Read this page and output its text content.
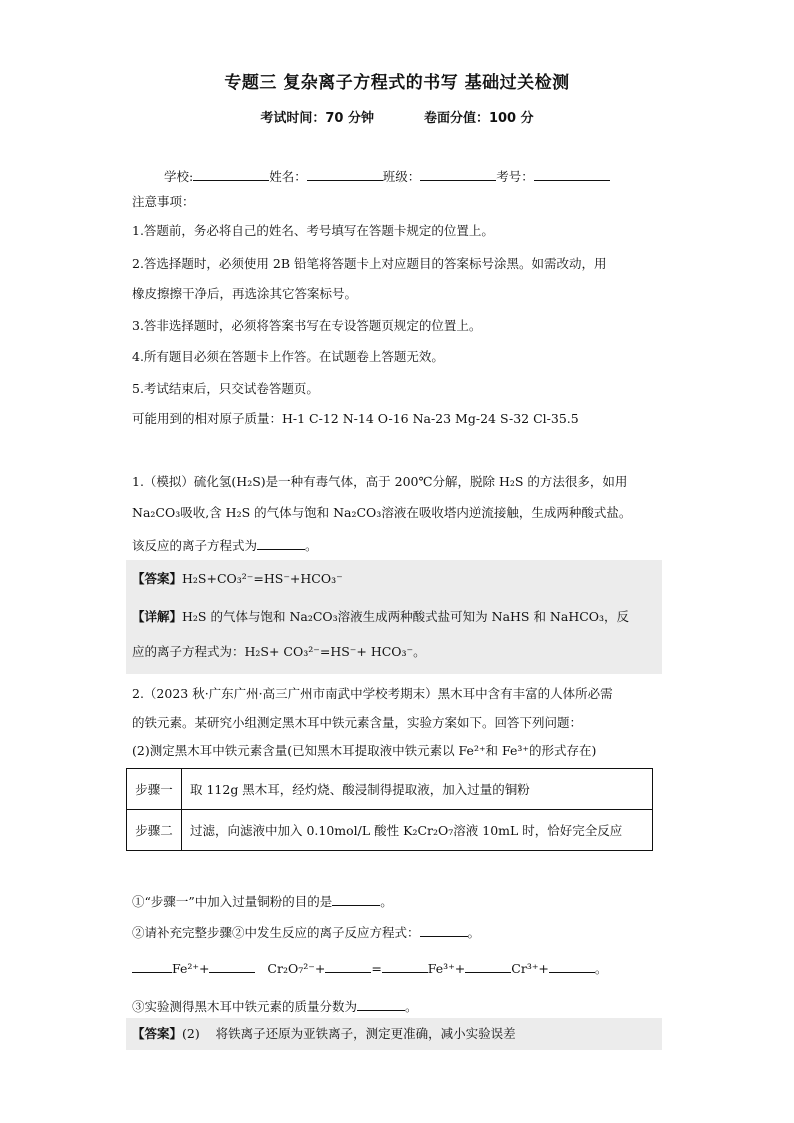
专题三 复杂离子方程式的书写 基础过关检测
考试时间：70 分钟	卷面分值：100 分
学校:	姓名：	班级：	考号：
注意事项：
1.答题前，务必将自己的姓名、考号填写在答题卡规定的位置上。
2.答选择题时，必须使用 2B 铅笔将答题卡上对应题目的答案标号涂黑。如需改动，用
橡皮擦擦干净后，再选涂其它答案标号。
3.答非选择题时，必须将答案书写在专设答题页规定的位置上。
4.所有题目必须在答题卡上作答。在试题卷上答题无效。
5.考试结束后，只交试卷答题页。
可能用到的相对原子质量：H-1 C-12 N-14 O-16 Na-23 Mg-24 S-32 Cl-35.5
1.（模拟）硫化氢(H₂S)是一种有毒气体，高于 200℃分解，脱除 H₂S 的方法很多，如用
Na₂CO₃吸收,含 H₂S 的气体与饱和 Na₂CO₃溶液在吸收塔内逆流接触，生成两种酸式盐。
该反应的离子方程式为	。
【答案】H₂S+CO₃²⁻=HS⁻+HCO₃⁻
【详解】H₂S 的气体与饱和 Na₂CO₃溶液生成两种酸式盐可知为 NaHS 和 NaHCO₃，反
应的离子方程式为：H₂S+ CO₃²⁻=HS⁻+ HCO₃⁻。
2.（2023 秋·广东广州·高三广州市南武中学校考期末）黑木耳中含有丰富的人体所必需
的铁元素。某研究小组测定黑木耳中铁元素含量，实验方案如下。回答下列问题：
(2)测定黑木耳中铁元素含量(已知黑木耳提取液中铁元素以 Fe²⁺和 Fe³⁺的形式存在)
步骤一	取 112g 黑木耳，经灼烧、酸浸制得提取液，加入过量的铜粉
步骤二	过滤，向滤液中加入 0.10mol/L 酸性 K₂Cr₂O₇溶液 10mL 时，恰好完全反应
①“步骤一”中加入过量铜粉的目的是	。
②请补充完整步骤②中发生反应的离子反应方程式：	。
Fe²⁺+	Cr₂O₇²⁻+	=	Fe³⁺+	Cr³⁺+	。
③实验测得黑木耳中铁元素的质量分数为	。
【答案】(2) 将铁离子还原为亚铁离子，测定更准确，减小实验误差
